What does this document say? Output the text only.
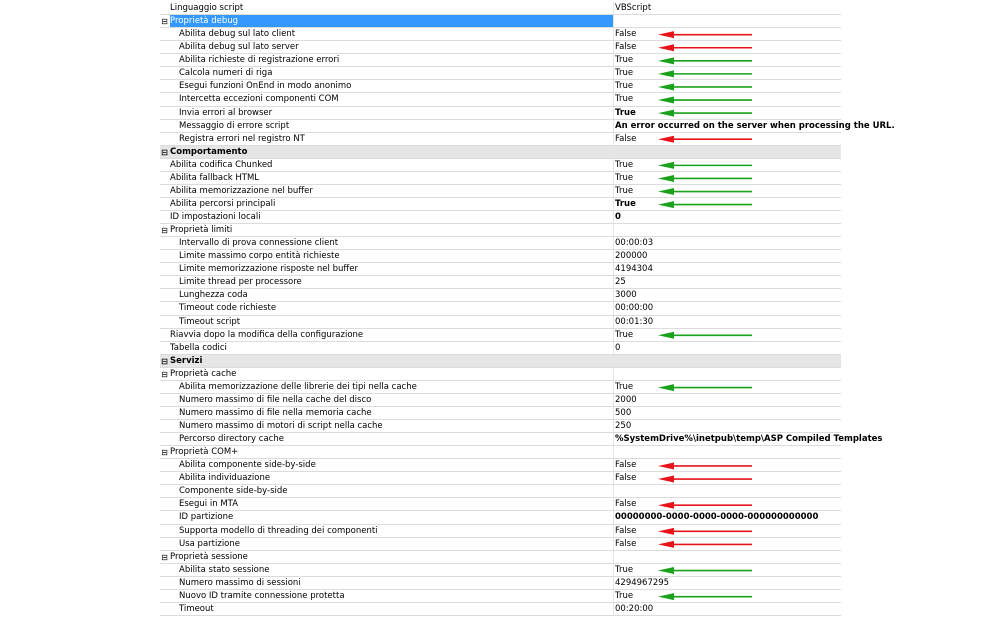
Linguaggio script	VBScript
⊟ Proprietà debug
Abilita debug sul lato client	False
Abilita debug sul lato server	False
Abilita richieste di registrazione errori	True
Calcola numeri di riga	True
Esegui funzioni OnEnd in modo anonimo	True
Intercetta eccezioni componenti COM	True
Invia errori al browser	True
Messaggio di errore script	An error occurred on the server when processing the URL.
Registra errori nel registro NT	False
⊟ Comportamento
Abilita codifica Chunked	True
Abilita fallback HTML	True
Abilita memorizzazione nel buffer	True
Abilita percorsi principali	True
ID impostazioni locali	0
⊟ Proprietà limiti
Intervallo di prova connessione client	00:00:03
Limite massimo corpo entità richieste	200000
Limite memorizzazione risposte nel buffer	4194304
Limite thread per processore	25
Lunghezza coda	3000
Timeout code richieste	00:00:00
Timeout script	00:01:30
Riavvia dopo la modifica della configurazione	True
Tabella codici	0
⊟ Servizi
⊟ Proprietà cache
Abilita memorizzazione delle librerie dei tipi nella cache	True
Numero massimo di file nella cache del disco	2000
Numero massimo di file nella memoria cache	500
Numero massimo di motori di script nella cache	250
Percorso directory cache	%SystemDrive%\inetpub\temp\ASP Compiled Templates
⊟ Proprietà COM+
Abilita componente side-by-side	False
Abilita individuazione	False
Componente side-by-side
Esegui in MTA	False
ID partizione	00000000-0000-0000-0000-000000000000
Supporta modello di threading dei componenti	False
Usa partizione	False
⊟ Proprietà sessione
Abilita stato sessione	True
Numero massimo di sessioni	4294967295
Nuovo ID tramite connessione protetta	True
Timeout	00:20:00
